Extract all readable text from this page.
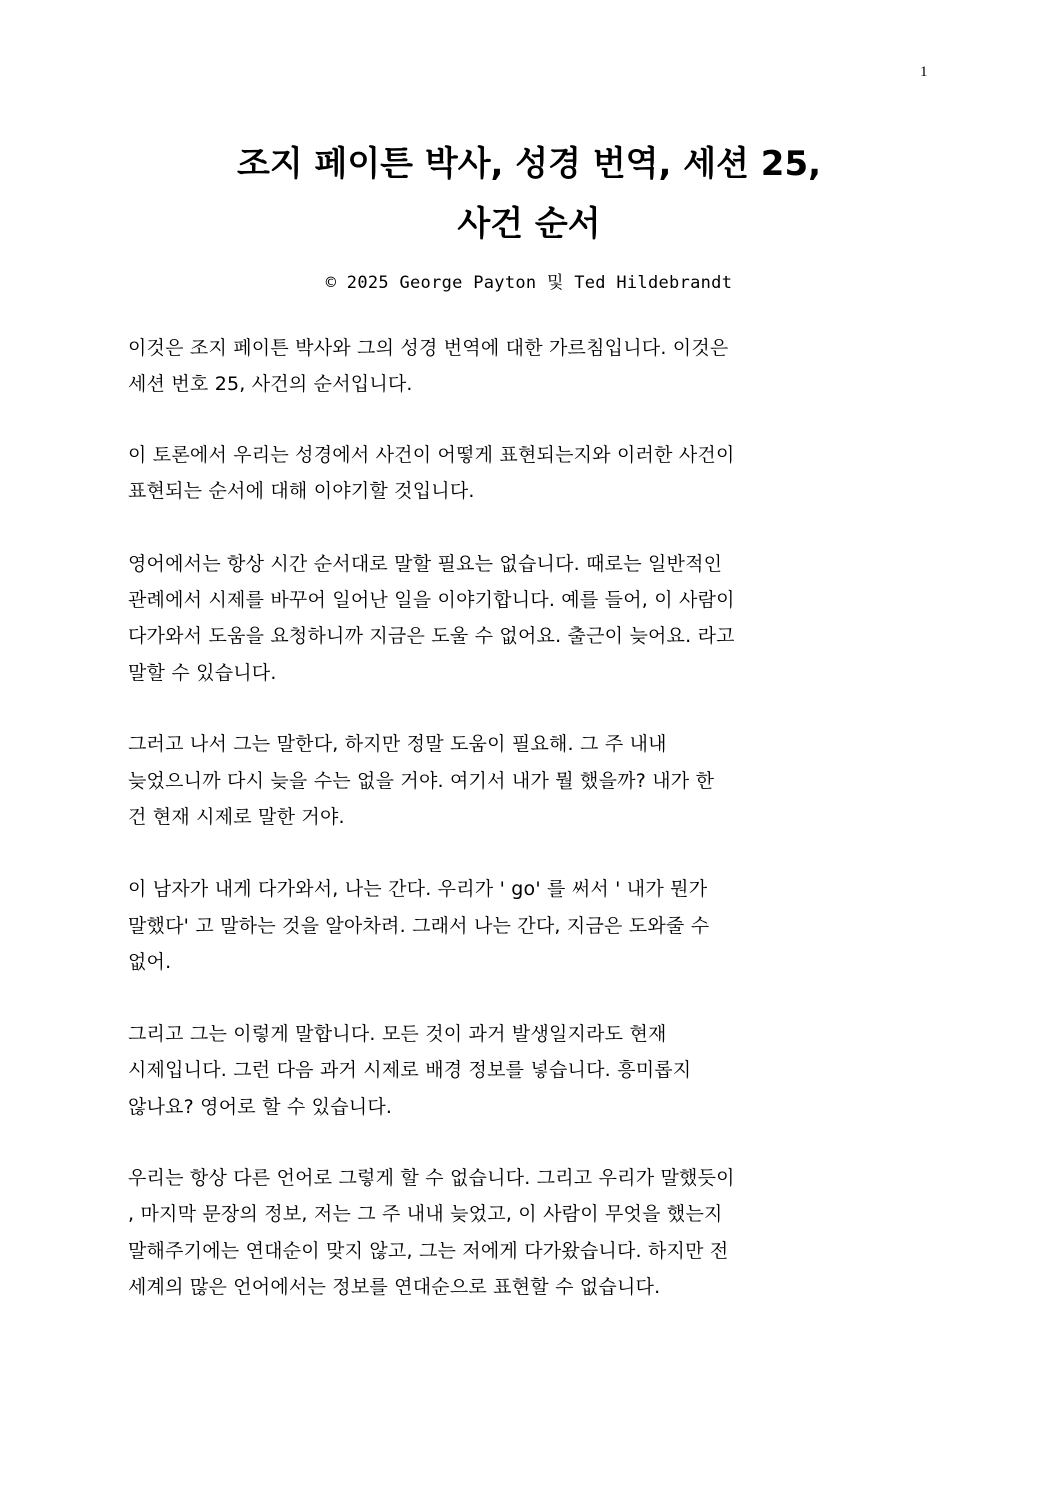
1
조지 페이튼 박사, 성경 번역, 세션 25,
사건 순서
© 2025 George Payton 및 Ted Hildebrandt
이것은 조지 페이튼 박사와 그의 성경 번역에 대한 가르침입니다. 이것은
세션 번호 25, 사건의 순서입니다.
이 토론에서 우리는 성경에서 사건이 어떻게 표현되는지와 이러한 사건이
표현되는 순서에 대해 이야기할 것입니다.
영어에서는 항상 시간 순서대로 말할 필요는 없습니다. 때로는 일반적인
관례에서 시제를 바꾸어 일어난 일을 이야기합니다. 예를 들어, 이 사람이
다가와서 도움을 요청하니까 지금은 도울 수 없어요. 출근이 늦어요. 라고
말할 수 있습니다.
그러고 나서 그는 말한다, 하지만 정말 도움이 필요해. 그 주 내내
늦었으니까 다시 늦을 수는 없을 거야. 여기서 내가 뭘 했을까? 내가 한
건 현재 시제로 말한 거야.
이 남자가 내게 다가와서, 나는 간다. 우리가 ' go' 를 써서 ' 내가 뭔가
말했다' 고 말하는 것을 알아차려. 그래서 나는 간다, 지금은 도와줄 수
없어.
그리고 그는 이렇게 말합니다. 모든 것이 과거 발생일지라도 현재
시제입니다. 그런 다음 과거 시제로 배경 정보를 넣습니다. 흥미롭지
않나요? 영어로 할 수 있습니다.
우리는 항상 다른 언어로 그렇게 할 수 없습니다. 그리고 우리가 말했듯이
, 마지막 문장의 정보, 저는 그 주 내내 늦었고, 이 사람이 무엇을 했는지
말해주기에는 연대순이 맞지 않고, 그는 저에게 다가왔습니다. 하지만 전
세계의 많은 언어에서는 정보를 연대순으로 표현할 수 없습니다.
